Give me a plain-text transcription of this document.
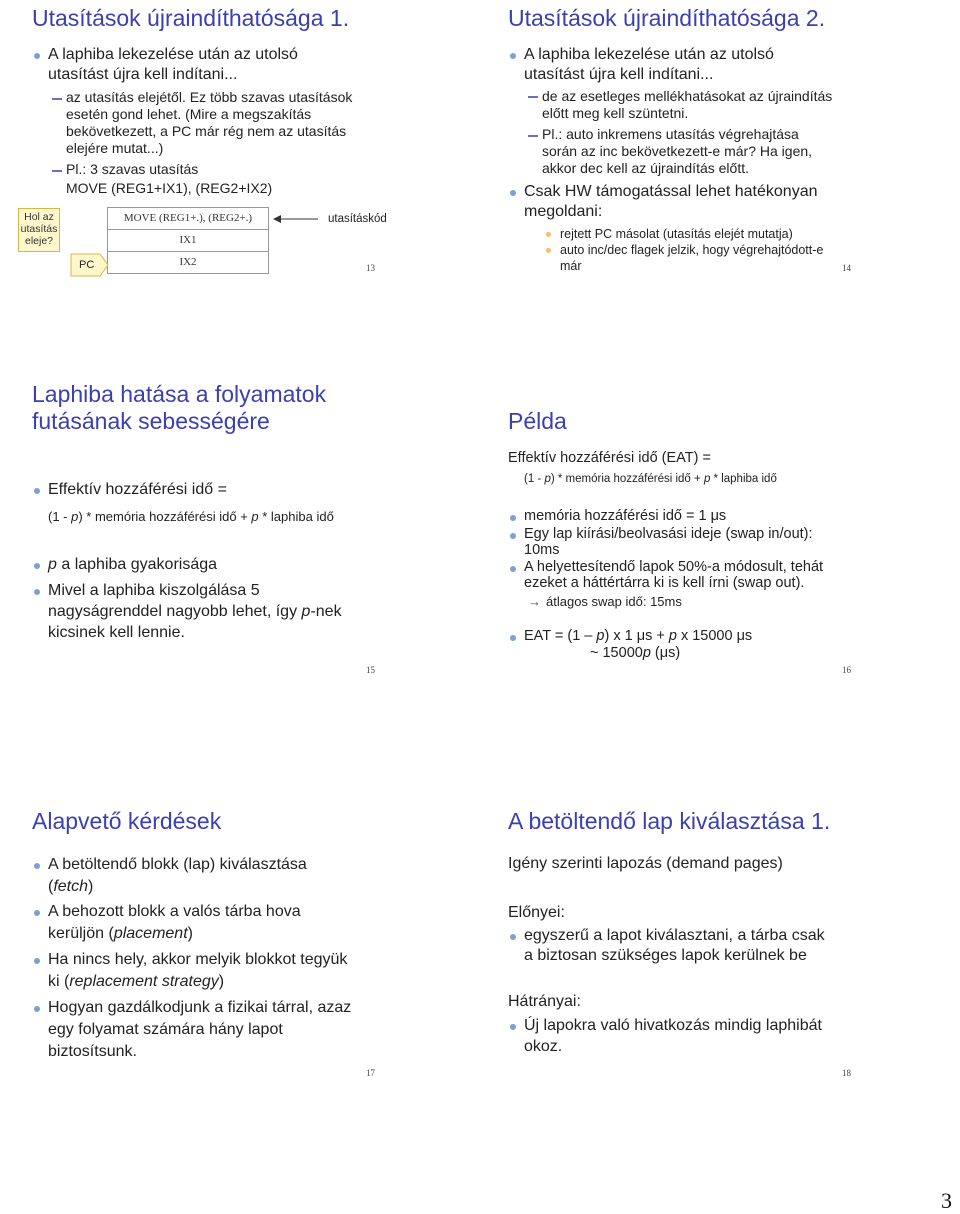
Utasítások újraindíthatósága 1.
A laphiba lekezelése után az utolsó
utasítást újra kell indítani...
az utasítás elejétől. Ez több szavas utasítások
esetén gond lehet. (Mire a megszakítás
bekövetkezett, a PC már rég nem az utasítás
elejére mutat...)
Pl.: 3 szavas utasítás
MOVE (REG1+IX1), (REG2+IX2)
Hol az utasítás eleje?
MOVE (REG1+.), (REG2+.)
IX1
IX2
PC
utasításkód
13
Utasítások újraindíthatósága 2.
A laphiba lekezelése után az utolsó
utasítást újra kell indítani...
de az esetleges mellékhatásokat az újraindítás
előtt meg kell szüntetni.
Pl.: auto inkremens utasítás végrehajtása
során az inc bekövetkezett-e már? Ha igen,
akkor dec kell az újraindítás előtt.
Csak HW támogatással lehet hatékonyan
megoldani:
rejtett PC másolat (utasítás elejét mutatja)
auto inc/dec flagek jelzik, hogy végrehajtódott-e
már	14
Laphiba hatása a folyamatok
futásának sebességére
Effektív hozzáférési idő =
(1 - p) * memória hozzáférési idő + p * laphiba idő
p a laphiba gyakorisága
Mivel a laphiba kiszolgálása 5
nagyságrenddel nagyobb lehet, így p-nek
kicsinek kell lennie.
15
Példa
Effektív hozzáférési idő (EAT) =
(1 - p) * memória hozzáférési idő + p * laphiba idő
memória hozzáférési idő = 1 μs
Egy lap kiírási/beolvasási ideje (swap in/out):
10ms
A helyettesítendő lapok 50%-a módosult, tehát
ezeket a háttértárra ki is kell írni (swap out).
→ átlagos swap idő: 15ms
EAT = (1 – p) x 1 μs + p x 15000 μs
~ 15000p (μs)
16
Alapvető kérdések
A betöltendő blokk (lap) kiválasztása
(fetch)
A behozott blokk a valós tárba hova
kerüljön (placement)
Ha nincs hely, akkor melyik blokkot tegyük
ki (replacement strategy)
Hogyan gazdálkodjunk a fizikai tárral, azaz
egy folyamat számára hány lapot
biztosítsunk.
17
A betöltendő lap kiválasztása 1.
Igény szerinti lapozás (demand pages)
Előnyei:
egyszerű a lapot kiválasztani, a tárba csak
a biztosan szükséges lapok kerülnek be
Hátrányai:
Új lapokra való hivatkozás mindig laphibát
okoz.
18
3
